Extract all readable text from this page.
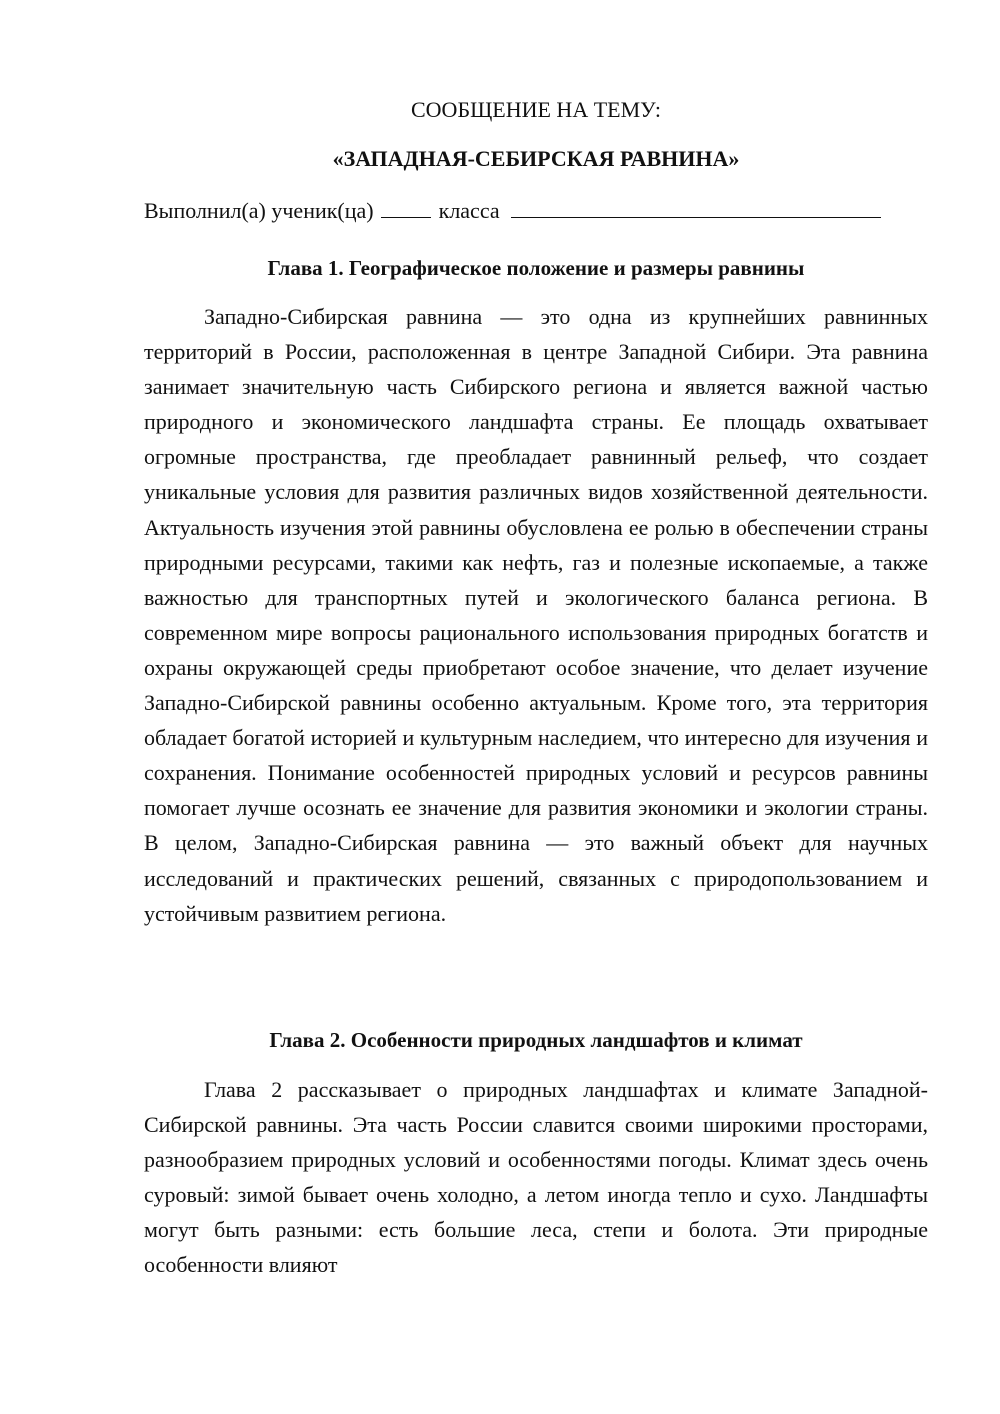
СООБЩЕНИЕ НА ТЕМУ:

«ЗАПАДНАЯ-СЕБИРСКАЯ РАВНИНА»

Выполнил(а) ученик(ца)	класса
Глава 1. Географическое положение и размеры равнины

Западно-Сибирская равнина — это одна из крупнейших равнинных территорий в России, расположенная в центре Западной Сибири. Эта равнина занимает значительную часть Сибирского региона и является важной частью природного и экономического ландшафта страны. Ее площадь охватывает огромные пространства, где преобладает равнинный рельеф, что создает уникальные условия для развития различных видов хозяйственной деятельности. Актуальность изучения этой равнины обусловлена ее ролью в обеспечении страны природными ресурсами, такими как нефть, газ и полезные ископаемые, а также важностью для транспортных путей и экологического баланса региона. В современном мире вопросы рационального использования природных богатств и охраны окружающей среды приобретают особое значение, что делает изучение Западно-Сибирской равнины особенно актуальным. Кроме того, эта территория обладает богатой историей и культурным наследием, что интересно для изучения и сохранения. Понимание особенностей природных условий и ресурсов равнины помогает лучше осознать ее значение для развития экономики и экологии страны. В целом, Западно-Сибирская равнина — это важный объект для научных исследований и практических решений, связанных с природопользованием и устойчивым развитием региона.

Глава 2. Особенности природных ландшафтов и климат

Глава 2 рассказывает о природных ландшафтах и климате Западной-Сибирской равнины. Эта часть России славится своими широкими просторами, разнообразием природных условий и особенностями погоды. Климат здесь очень суровый: зимой бывает очень холодно, а летом иногда тепло и сухо. Ландшафты могут быть разными: есть большие леса, степи и болота. Эти природные особенности влияют
